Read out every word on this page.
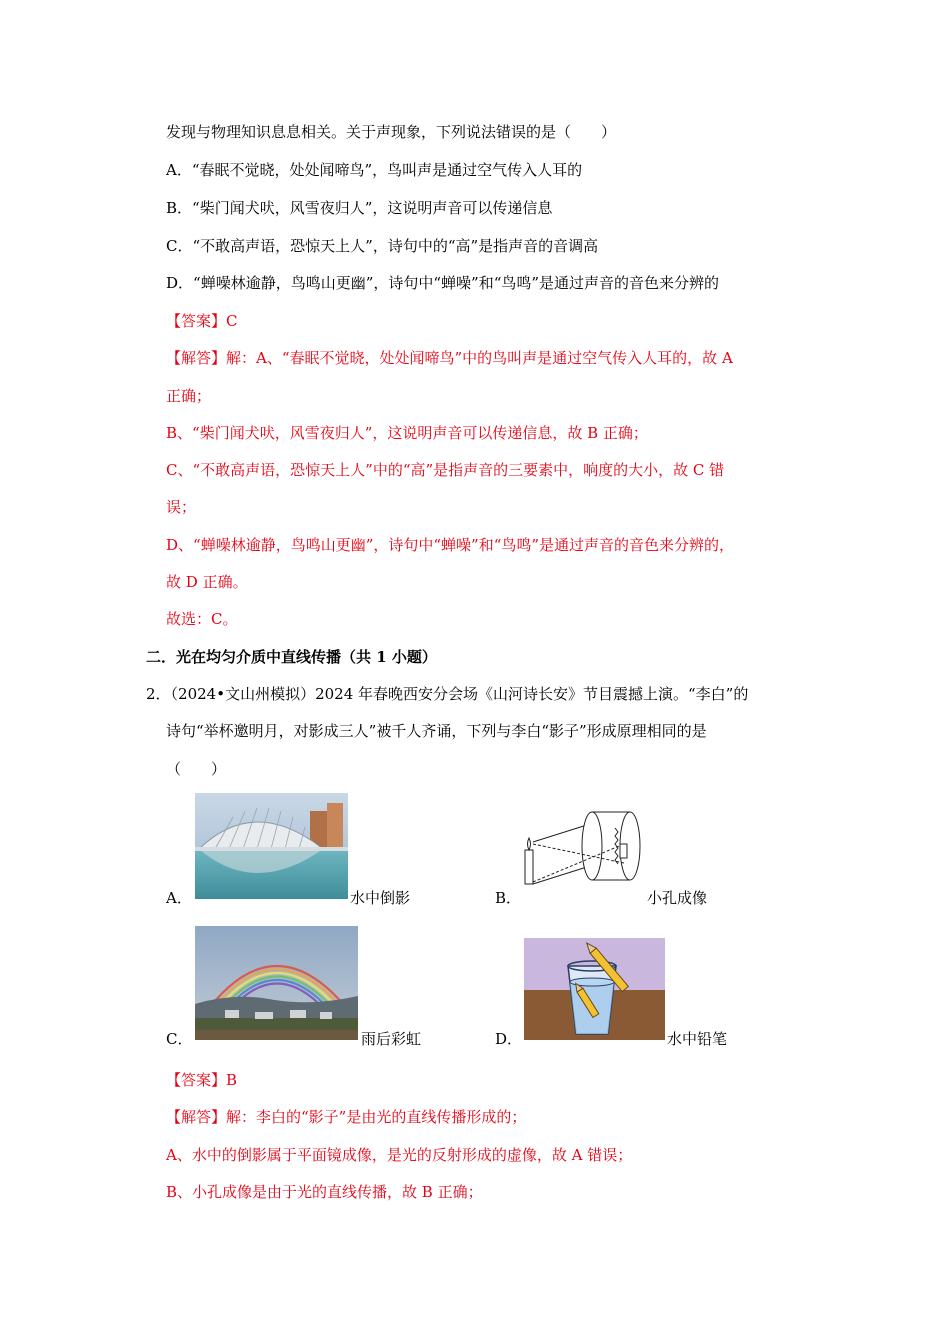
发现与物理知识息息相关。关于声现象，下列说法错误的是（　　）
A．“春眠不觉晓，处处闻啼鸟”，鸟叫声是通过空气传入人耳的
B．“柴门闻犬吠，风雪夜归人”，这说明声音可以传递信息
C．“不敢高声语，恐惊天上人”，诗句中的“高”是指声音的音调高
D．“蝉噪林逾静，鸟鸣山更幽”，诗句中“蝉噪”和“鸟鸣”是通过声音的音色来分辨的
【答案】C
【解答】解：A、“春眠不觉晓，处处闻啼鸟”中的鸟叫声是通过空气传入人耳的，故 A
正确；
B、“柴门闻犬吠，风雪夜归人”，这说明声音可以传递信息，故 B 正确；
C、“不敢高声语，恐惊天上人”中的“高”是指声音的三要素中，响度的大小，故 C 错
误；
D、“蝉噪林逾静，鸟鸣山更幽”，诗句中“蝉噪”和“鸟鸣”是通过声音的音色来分辨的，
故 D 正确。
故选：C。
二．光在均匀介质中直线传播（共 1 小题）
2．（2024•文山州模拟）2024 年春晚西安分会场《山河诗长安》节目震撼上演。“李白”的
诗句“举杯邀明月，对影成三人”被千人齐诵，下列与李白“影子”形成原理相同的是
（　　）
A．	水中倒影	B．	小孔成像
C．	雨后彩虹	D．	水中铅笔
【答案】B
【解答】解：李白的“影子”是由光的直线传播形成的；
A、水中的倒影属于平面镜成像，是光的反射形成的虚像，故 A 错误；
B、小孔成像是由于光的直线传播，故 B 正确；
